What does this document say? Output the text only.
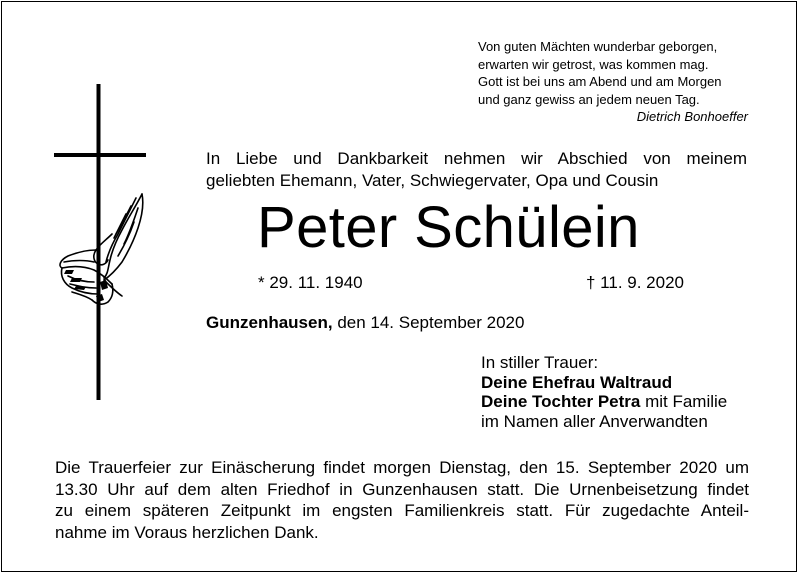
Von guten Mächten wunderbar geborgen,
erwarten wir getrost, was kommen mag.
Gott ist bei uns am Abend und am Morgen
und ganz gewiss an jedem neuen Tag.
Dietrich Bonhoeffer
In Liebe und Dankbarkeit nehmen wir Abschied von meinem
geliebten Ehemann, Vater, Schwiegervater, Opa und Cousin
Peter Schülein
* 29. 11. 1940	† 11. 9. 2020
Gunzenhausen, den 14. September 2020
In stiller Trauer:
Deine Ehefrau Waltraud
Deine Tochter Petra mit Familie
im Namen aller Anverwandten
Die Trauerfeier zur Einäscherung findet morgen Dienstag, den 15. September 2020 um
13.30 Uhr auf dem alten Friedhof in Gunzenhausen statt. Die Urnenbeisetzung findet
zu einem späteren Zeitpunkt im engsten Familienkreis statt. Für zugedachte Anteil-
nahme im Voraus herzlichen Dank.
